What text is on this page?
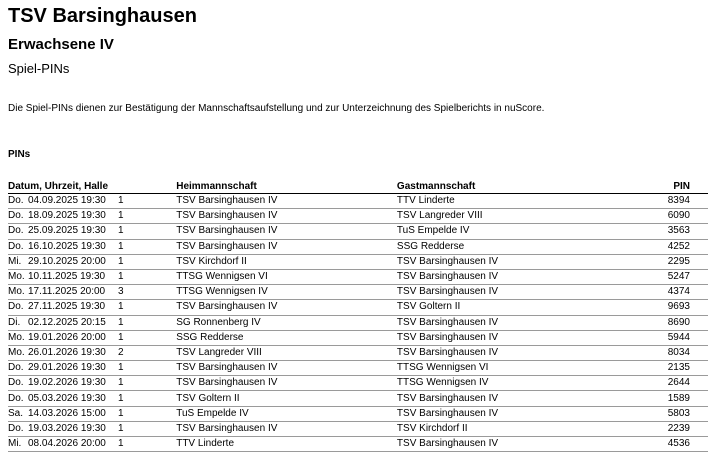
TSV Barsinghausen
Erwachsene IV
Spiel-PINs
Die Spiel-PINs dienen zur Bestätigung der Mannschaftsaufstellung und zur Unterzeichnung des Spielberichts in nuScore.
PINs
Datum, Uhrzeit, Halle	Heimmannschaft	Gastmannschaft	PIN
Do. 04.09.2025 19:30 1	TSV Barsinghausen IV	TTV Linderte	8394
Do. 18.09.2025 19:30 1	TSV Barsinghausen IV	TSV Langreder VIII	6090
Do. 25.09.2025 19:30 1	TSV Barsinghausen IV	TuS Empelde IV	3563
Do. 16.10.2025 19:30 1	TSV Barsinghausen IV	SSG Redderse	4252
Mi. 29.10.2025 20:00 1	TSV Kirchdorf II	TSV Barsinghausen IV	2295
Mo. 10.11.2025 19:30 1	TTSG Wennigsen VI	TSV Barsinghausen IV	5247
Mo. 17.11.2025 20:00 3	TTSG Wennigsen IV	TSV Barsinghausen IV	4374
Do. 27.11.2025 19:30 1	TSV Barsinghausen IV	TSV Goltern II	9693
Di. 02.12.2025 20:15 1	SG Ronnenberg IV	TSV Barsinghausen IV	8690
Mo. 19.01.2026 20:00 1	SSG Redderse	TSV Barsinghausen IV	5944
Mo. 26.01.2026 19:30 2	TSV Langreder VIII	TSV Barsinghausen IV	8034
Do. 29.01.2026 19:30 1	TSV Barsinghausen IV	TTSG Wennigsen VI	2135
Do. 19.02.2026 19:30 1	TSV Barsinghausen IV	TTSG Wennigsen IV	2644
Do. 05.03.2026 19:30 1	TSV Goltern II	TSV Barsinghausen IV	1589
Sa. 14.03.2026 15:00 1	TuS Empelde IV	TSV Barsinghausen IV	5803
Do. 19.03.2026 19:30 1	TSV Barsinghausen IV	TSV Kirchdorf II	2239
Mi. 08.04.2026 20:00 1	TTV Linderte	TSV Barsinghausen IV	4536
